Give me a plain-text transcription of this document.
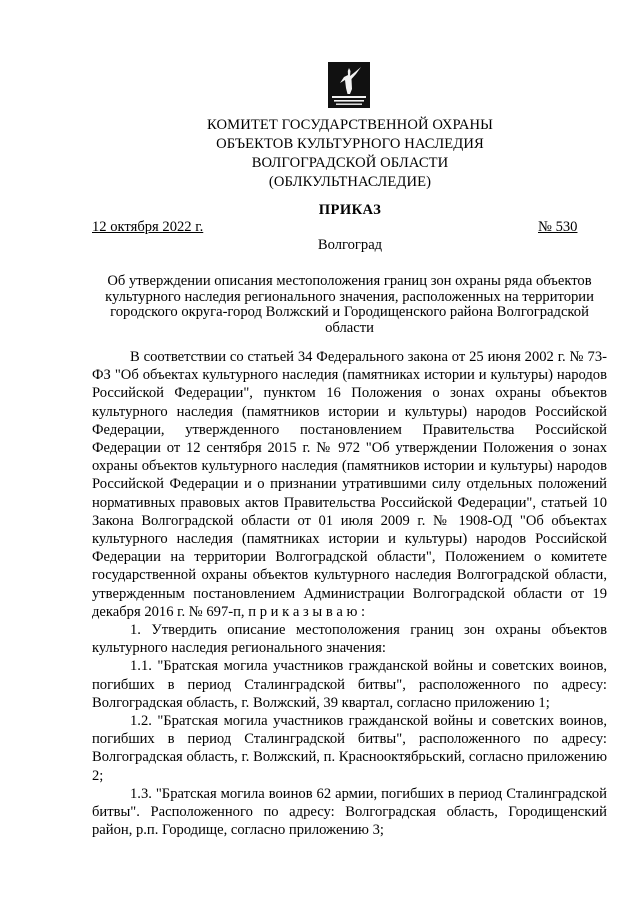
КОМИТЕТ ГОСУДАРСТВЕННОЙ ОХРАНЫ
ОБЪЕКТОВ КУЛЬТУРНОГО НАСЛЕДИЯ
ВОЛГОГРАДСКОЙ ОБЛАСТИ
(ОБЛКУЛЬТНАСЛЕДИЕ)
ПРИКАЗ
12 октября 2022 г.	№ 530
Волгоград
Об утверждении описания местоположения границ зон охраны ряда объектов культурного наследия регионального значения, расположенных на территории городского округа-город Волжский и Городищенского района Волгоградской области

В соответствии со статьей 34 Федерального закона от 25 июня 2002 г. № 73-ФЗ "Об объектах культурного наследия (памятниках истории и культуры) народов Российской Федерации", пунктом 16 Положения о зонах охраны объектов культурного наследия (памятников истории и культуры) народов Российской Федерации, утвержденного постановлением Правительства Российской Федерации от 12 сентября 2015 г. № 972 "Об утверждении Положения о зонах охраны объектов культурного наследия (памятников истории и культуры) народов Российской Федерации и о признании утратившими силу отдельных положений нормативных правовых актов Правительства Российской Федерации", статьей 10 Закона Волгоградской области от 01 июля 2009 г. № 1908-ОД "Об объектах культурного наследия (памятниках истории и культуры) народов Российской Федерации на территории Волгоградской области", Положением о комитете государственной охраны объектов культурного наследия Волгоградской области, утвержденным постановлением Администрации Волгоградской области от 19 декабря 2016 г. № 697-п, п р и к а з ы в а ю :

1. Утвердить описание местоположения границ зон охраны объектов культурного наследия регионального значения:

1.1. "Братская могила участников гражданской войны и советских воинов, погибших в период Сталинградской битвы", расположенного по адресу: Волгоградская область, г. Волжский, 39 квартал, согласно приложению 1;

1.2. "Братская могила участников гражданской войны и советских воинов, погибших в период Сталинградской битвы", расположенного по адресу: Волгоградская область, г. Волжский, п. Краснооктябрьский, согласно приложению 2;

1.3. "Братская могила воинов 62 армии, погибших в период Сталинградской битвы". Расположенного по адресу: Волгоградская область, Городищенский район, р.п. Городище, согласно приложению 3;
